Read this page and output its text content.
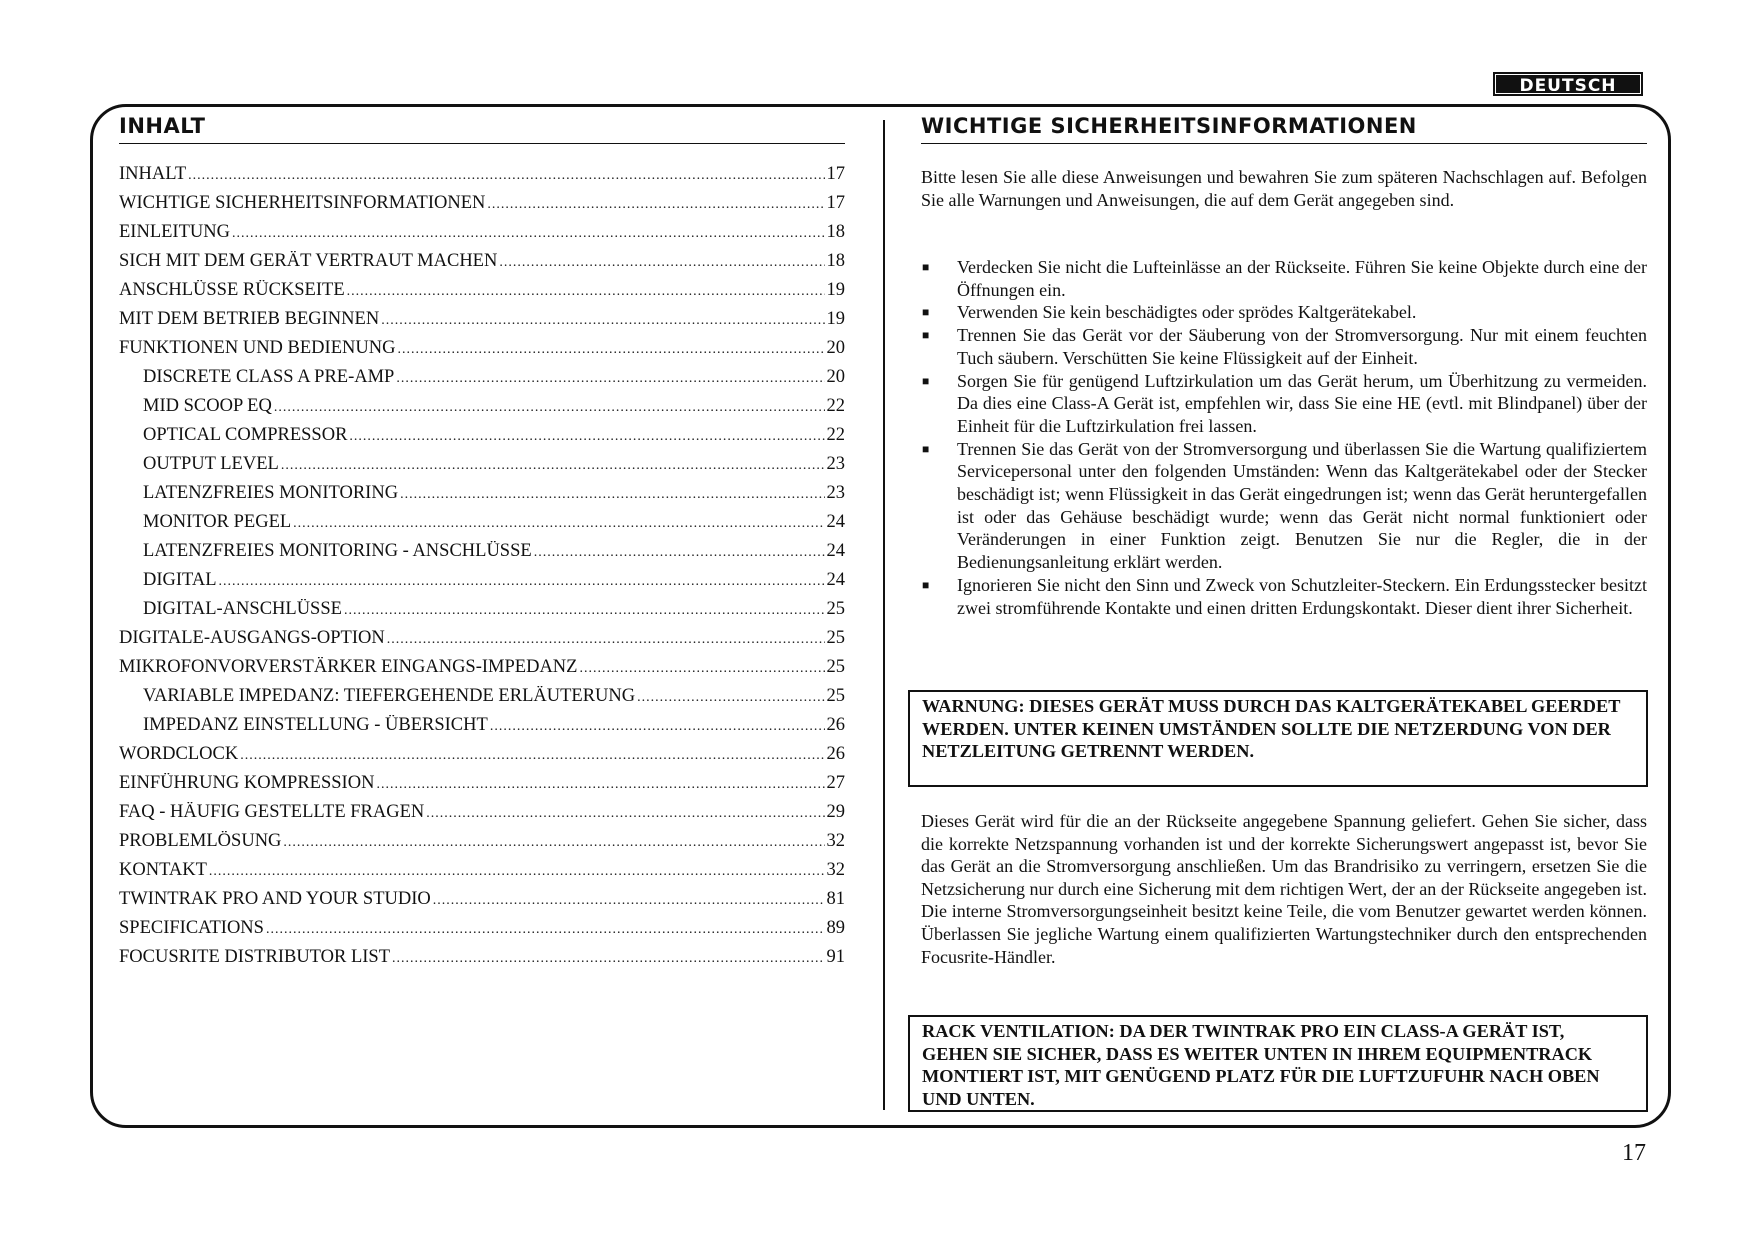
DEUTSCH
INHALT
INHALT .....	17
WICHTIGE SICHERHEITSINFORMATIONEN .....	17
EINLEITUNG .....	18
SICH MIT DEM GERÄT VERTRAUT MACHEN .....	18
ANSCHLÜSSE RÜCKSEITE .....	19
MIT DEM BETRIEB BEGINNEN .....	19
FUNKTIONEN UND BEDIENUNG .....	20
DISCRETE CLASS A PRE-AMP .....	20
MID SCOOP EQ .....	22
OPTICAL COMPRESSOR .....	22
OUTPUT LEVEL .....	23
LATENZFREIES MONITORING .....	23
MONITOR PEGEL .....	24
LATENZFREIES MONITORING - ANSCHLÜSSE .....	24
DIGITAL .....	24
DIGITAL-ANSCHLÜSSE .....	25
DIGITALE-AUSGANGS-OPTION .....	25
MIKROFONVORVERSTÄRKER EINGANGS-IMPEDANZ .....	25
VARIABLE IMPEDANZ: TIEFERGEHENDE ERLÄUTERUNG .....	25
IMPEDANZ EINSTELLUNG - ÜBERSICHT .....	26
WORDCLOCK .....	26
EINFÜHRUNG KOMPRESSION .....	27
FAQ - HÄUFIG GESTELLTE FRAGEN .....	29
PROBLEMLÖSUNG .....	32
KONTAKT .....	32
TWINTRAK PRO AND YOUR STUDIO .....	81
SPECIFICATIONS .....	89
FOCUSRITE DISTRIBUTOR LIST .....	91
WICHTIGE SICHERHEITSINFORMATIONEN

Bitte lesen Sie alle diese Anweisungen und bewahren Sie zum späteren Nachschlagen auf. Befolgen Sie alle Warnungen und Anweisungen, die auf dem Gerät angegeben sind.

■ Verdecken Sie nicht die Lufteinlässe an der Rückseite. Führen Sie keine Objekte durch eine der Öffnungen ein.
■ Verwenden Sie kein beschädigtes oder sprödes Kaltgerätekabel.
■ Trennen Sie das Gerät vor der Säuberung von der Stromversorgung. Nur mit einem feuchten Tuch säubern. Verschütten Sie keine Flüssigkeit auf der Einheit.
■ Sorgen Sie für genügend Luftzirkulation um das Gerät herum, um Überhitzung zu vermeiden. Da dies eine Class-A Gerät ist, empfehlen wir, dass Sie eine HE (evtl. mit Blindpanel) über der Einheit für die Luftzirkulation frei lassen.
■ Trennen Sie das Gerät von der Stromversorgung und überlassen Sie die Wartung qualifiziertem Servicepersonal unter den folgenden Umständen: Wenn das Kaltgerätekabel oder der Stecker beschädigt ist; wenn Flüssigkeit in das Gerät eingedrungen ist; wenn das Gerät heruntergefallen ist oder das Gehäuse beschädigt wurde; wenn das Gerät nicht normal funktioniert oder Veränderungen in einer Funktion zeigt. Benutzen Sie nur die Regler, die in der Bedienungsanleitung erklärt werden.
■ Ignorieren Sie nicht den Sinn und Zweck von Schutzleiter-Steckern. Ein Erdungsstecker besitzt zwei stromführende Kontakte und einen dritten Erdungskontakt. Dieser dient ihrer Sicherheit.
WARNUNG: DIESES GERÄT MUSS DURCH DAS KALTGERÄTEKABEL GEERDET WERDEN. UNTER KEINEN UMSTÄNDEN SOLLTE DIE NETZERDUNG VON DER NETZLEITUNG GETRENNT WERDEN.

Dieses Gerät wird für die an der Rückseite angegebene Spannung geliefert. Gehen Sie sicher, dass die korrekte Netzspannung vorhanden ist und der korrekte Sicherungswert angepasst ist, bevor Sie das Gerät an die Stromversorgung anschließen. Um das Brandrisiko zu verringern, ersetzen Sie die Netzsicherung nur durch eine Sicherung mit dem richtigen Wert, der an der Rückseite angegeben ist. Die interne Stromversorgungseinheit besitzt keine Teile, die vom Benutzer gewartet werden können. Überlassen Sie jegliche Wartung einem qualifizierten Wartungstechniker durch den entsprechenden Focusrite-Händler.

RACK VENTILATION: DA DER TWINTRAK PRO EIN CLASS-A GERÄT IST, GEHEN SIE SICHER, DASS ES WEITER UNTEN IN IHREM EQUIPMENTRACK MONTIERT IST, MIT GENÜGEND PLATZ FÜR DIE LUFTZUFUHR NACH OBEN UND UNTEN.
17
